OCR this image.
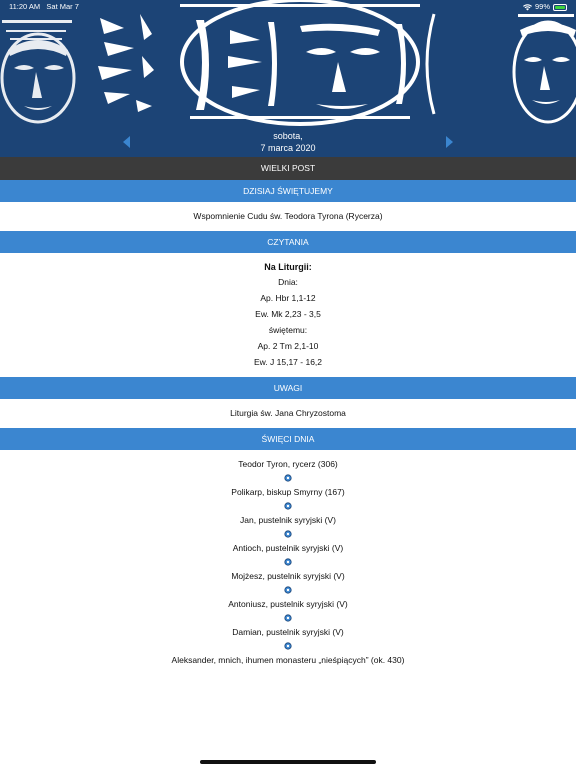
11:20 AM Sat Mar 7	99%
sobota,
7 marca 2020
WIELKI POST
DZISIAJ ŚWIĘTUJEMY
Wspomnienie Cudu św. Teodora Tyrona (Rycerza)
CZYTANIA
Na Liturgii:
Dnia:
Ap. Hbr 1,1-12
Ew. Mk 2,23 - 3,5
świętemu:
Ap. 2 Tm 2,1-10
Ew. J 15,17 - 16,2
UWAGI
Liturgia św. Jana Chryzostoma
ŚWIĘCI DNIA
Teodor Tyron, rycerz (306)
Polikarp, biskup Smyrny (167)
Jan, pustelnik syryjski (V)
Antioch, pustelnik syryjski (V)
Mojżesz, pustelnik syryjski (V)
Antoniusz, pustelnik syryjski (V)
Damian, pustelnik syryjski (V)
Aleksander, mnich, ihumen monasteru „nieśpiących” (ok. 430)
